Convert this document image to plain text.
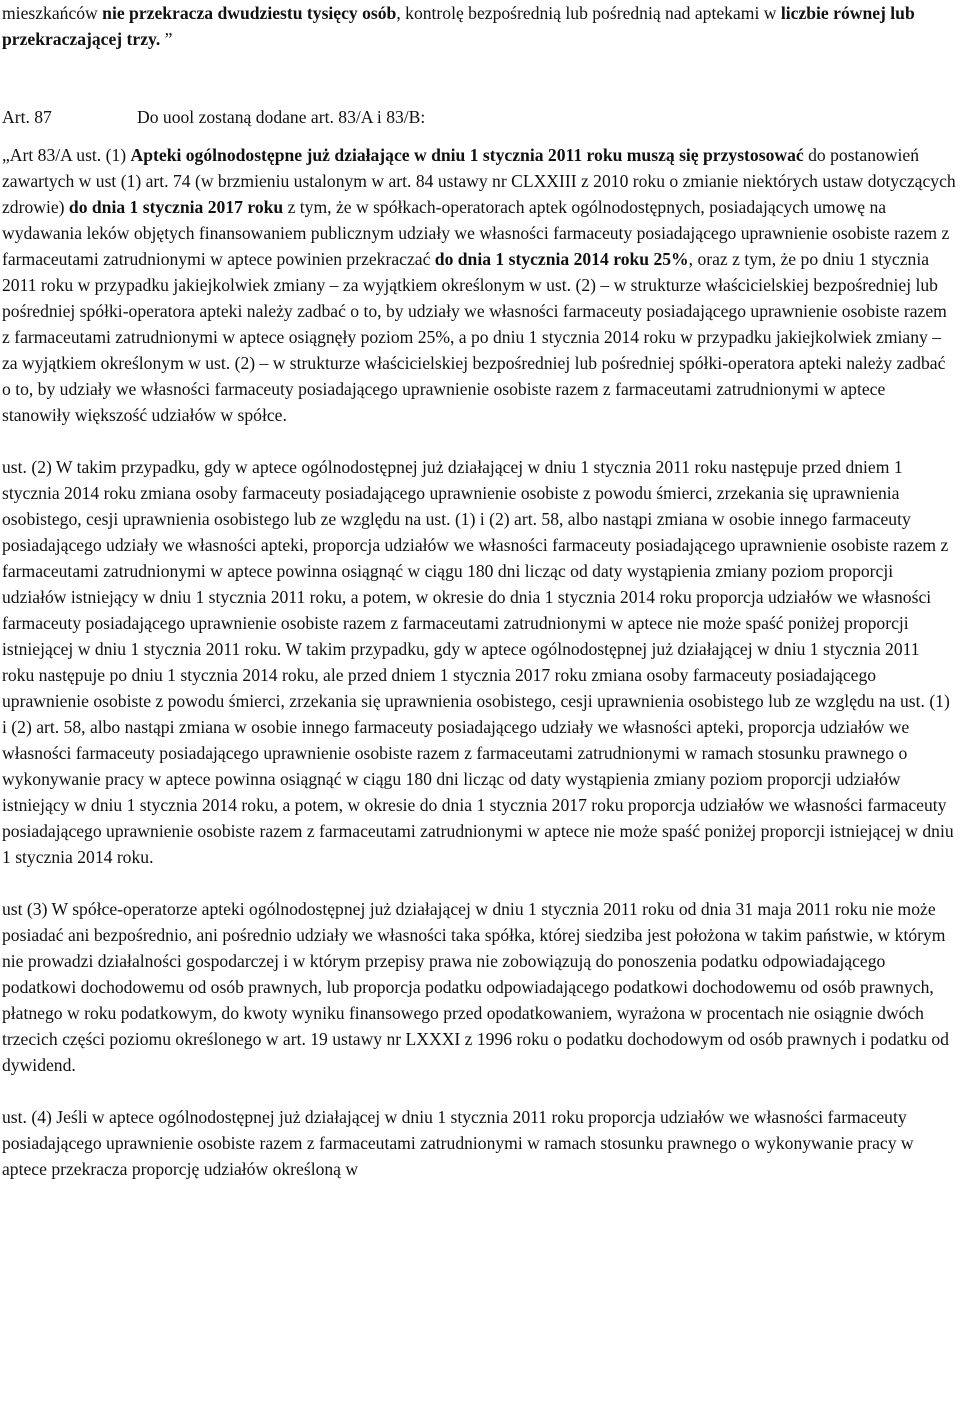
mieszkańców nie przekracza dwudziestu tysięcy osób, kontrolę bezpośrednią lub pośrednią nad aptekami w liczbie równej lub przekraczającej trzy. ”

Art. 87	Do uool zostaną dodane art. 83/A i 83/B:

„Art 83/A ust. (1) Apteki ogólnodostępne już działające w dniu 1 stycznia 2011 roku muszą się przystosować do postanowień zawartych w ust (1) art. 74 (w brzmieniu ustalonym w art. 84 ustawy nr CLXXIII z 2010 roku o zmianie niektórych ustaw dotyczących zdrowie) do dnia 1 stycznia 2017 roku z tym, że w spółkach-operatorach aptek ogólnodostępnych, posiadających umowę na wydawania leków objętych finansowaniem publicznym udziały we własności farmaceuty posiadającego uprawnienie osobiste razem z farmaceutami zatrudnionymi w aptece powinien przekraczać do dnia 1 stycznia 2014 roku 25%, oraz z tym, że po dniu 1 stycznia 2011 roku w przypadku jakiejkolwiek zmiany – za wyjątkiem określonym w ust. (2) – w strukturze właścicielskiej bezpośredniej lub pośredniej spółki-operatora apteki należy zadbać o to, by udziały we własności farmaceuty posiadającego uprawnienie osobiste razem z farmaceutami zatrudnionymi w aptece osiągnęły poziom 25%, a po dniu 1 stycznia 2014 roku w przypadku jakiejkolwiek zmiany – za wyjątkiem określonym w ust. (2) – w strukturze właścicielskiej bezpośredniej lub pośredniej spółki-operatora apteki należy zadbać o to, by udziały we własności farmaceuty posiadającego uprawnienie osobiste razem z farmaceutami zatrudnionymi w aptece stanowiły większość udziałów w spółce.

ust. (2) W takim przypadku, gdy w aptece ogólnodostępnej już działającej w dniu 1 stycznia 2011 roku następuje przed dniem 1 stycznia 2014 roku zmiana osoby farmaceuty posiadającego uprawnienie osobiste z powodu śmierci, zrzekania się uprawnienia osobistego, cesji uprawnienia osobistego lub ze względu na ust. (1) i (2) art. 58, albo nastąpi zmiana w osobie innego farmaceuty posiadającego udziały we własności apteki, proporcja udziałów we własności farmaceuty posiadającego uprawnienie osobiste razem z farmaceutami zatrudnionymi w aptece powinna osiągnąć w ciągu 180 dni licząc od daty wystąpienia zmiany poziom proporcji udziałów istniejący w dniu 1 stycznia 2011 roku, a potem, w okresie do dnia 1 stycznia 2014 roku proporcja udziałów we własności farmaceuty posiadającego uprawnienie osobiste razem z farmaceutami zatrudnionymi w aptece nie może spaść poniżej proporcji istniejącej w dniu 1 stycznia 2011 roku. W takim przypadku, gdy w aptece ogólnodostępnej już działającej w dniu 1 stycznia 2011 roku następuje po dniu 1 stycznia 2014 roku, ale przed dniem 1 stycznia 2017 roku zmiana osoby farmaceuty posiadającego uprawnienie osobiste z powodu śmierci, zrzekania się uprawnienia osobistego, cesji uprawnienia osobistego lub ze względu na ust. (1) i (2) art. 58, albo nastąpi zmiana w osobie innego farmaceuty posiadającego udziały we własności apteki, proporcja udziałów we własności farmaceuty posiadającego uprawnienie osobiste razem z farmaceutami zatrudnionymi w ramach stosunku prawnego o wykonywanie pracy w aptece powinna osiągnąć w ciągu 180 dni licząc od daty wystąpienia zmiany poziom proporcji udziałów istniejący w dniu 1 stycznia 2014 roku, a potem, w okresie do dnia 1 stycznia 2017 roku proporcja udziałów we własności farmaceuty posiadającego uprawnienie osobiste razem z farmaceutami zatrudnionymi w aptece nie może spaść poniżej proporcji istniejącej w dniu 1 stycznia 2014 roku.

ust (3) W spółce-operatorze apteki ogólnodostępnej już działającej w dniu 1 stycznia 2011 roku od dnia 31 maja 2011 roku nie może posiadać ani bezpośrednio, ani pośrednio udziały we własności taka spółka, której siedziba jest położona w takim państwie, w którym nie prowadzi działalności gospodarczej i w którym przepisy prawa nie zobowiązują do ponoszenia podatku odpowiadającego podatkowi dochodowemu od osób prawnych, lub proporcja podatku odpowiadającego podatkowi dochodowemu od osób prawnych, płatnego w roku podatkowym, do kwoty wyniku finansowego przed opodatkowaniem, wyrażona w procentach nie osiągnie dwóch trzecich części poziomu określonego w art. 19 ustawy nr LXXXI z 1996 roku o podatku dochodowym od osób prawnych i podatku od dywidend.

ust. (4) Jeśli w aptece ogólnodostępnej już działającej w dniu 1 stycznia 2011 roku proporcja udziałów we własności farmaceuty posiadającego uprawnienie osobiste razem z farmaceutami zatrudnionymi w ramach stosunku prawnego o wykonywanie pracy w aptece przekracza proporcję udziałów określoną w
